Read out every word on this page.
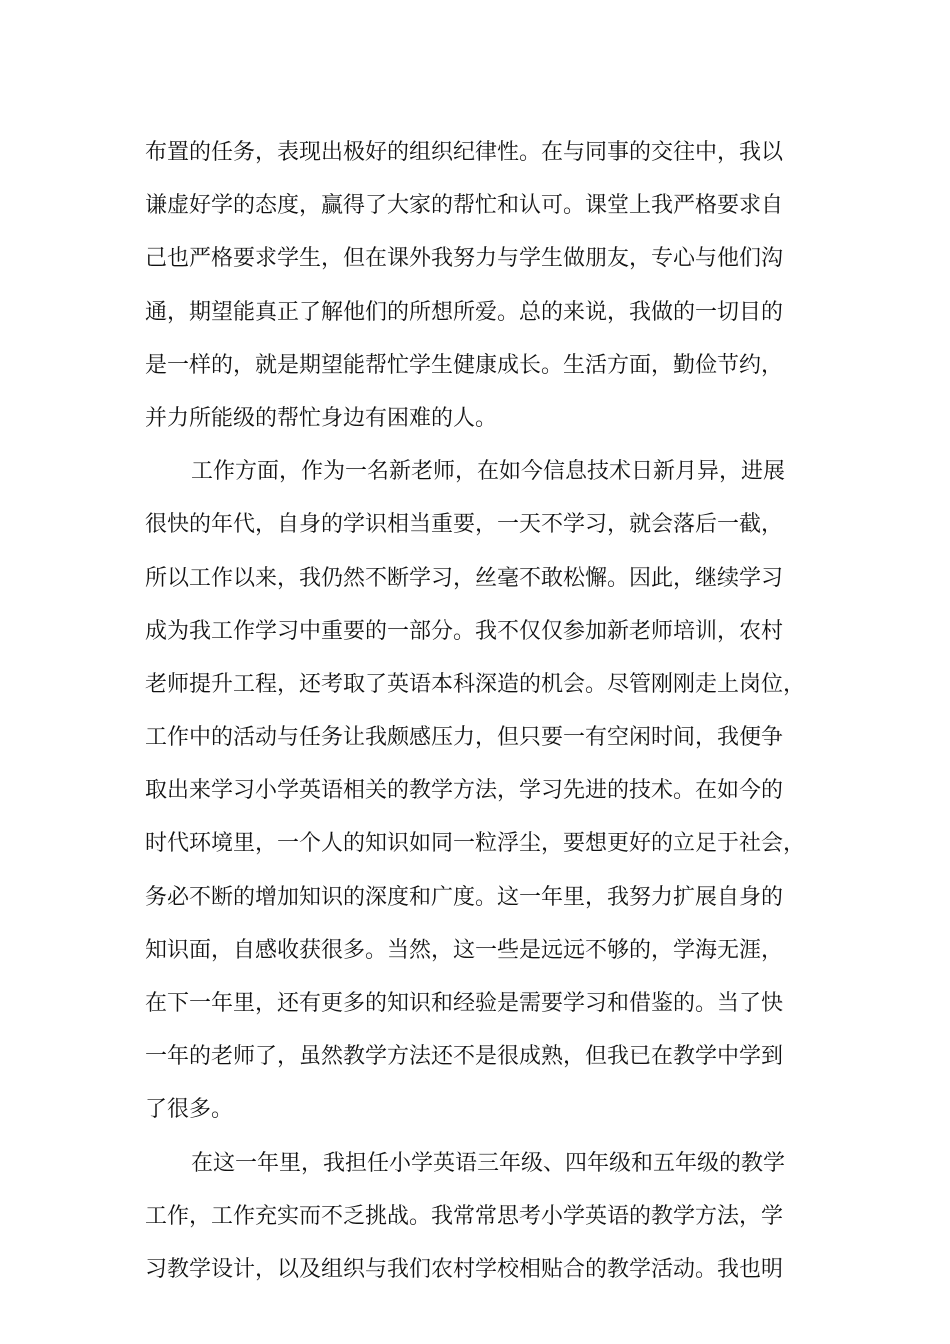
布置的任务，表现出极好的组织纪律性。在与同事的交往中，我以
谦虚好学的态度，赢得了大家的帮忙和认可。课堂上我严格要求自
己也严格要求学生，但在课外我努力与学生做朋友，专心与他们沟
通，期望能真正了解他们的所想所爱。总的来说，我做的一切目的
是一样的，就是期望能帮忙学生健康成长。生活方面，勤俭节约，
并力所能级的帮忙身边有困难的人。
工作方面，作为一名新老师，在如今信息技术日新月异，进展
很快的年代，自身的学识相当重要，一天不学习，就会落后一截，
所以工作以来，我仍然不断学习，丝毫不敢松懈。因此，继续学习
成为我工作学习中重要的一部分。我不仅仅参加新老师培训，农村
老师提升工程，还考取了英语本科深造的机会。尽管刚刚走上岗位，
工作中的活动与任务让我颇感压力，但只要一有空闲时间，我便争
取出来学习小学英语相关的教学方法，学习先进的技术。在如今的
时代环境里，一个人的知识如同一粒浮尘，要想更好的立足于社会，
务必不断的增加知识的深度和广度。这一年里，我努力扩展自身的
知识面，自感收获很多。当然，这一些是远远不够的，学海无涯，
在下一年里，还有更多的知识和经验是需要学习和借鉴的。当了快
一年的老师了，虽然教学方法还不是很成熟，但我已在教学中学到
了很多。
在这一年里，我担任小学英语三年级、四年级和五年级的教学
工作，工作充实而不乏挑战。我常常思考小学英语的教学方法，学
习教学设计，以及组织与我们农村学校相贴合的教学活动。我也明
